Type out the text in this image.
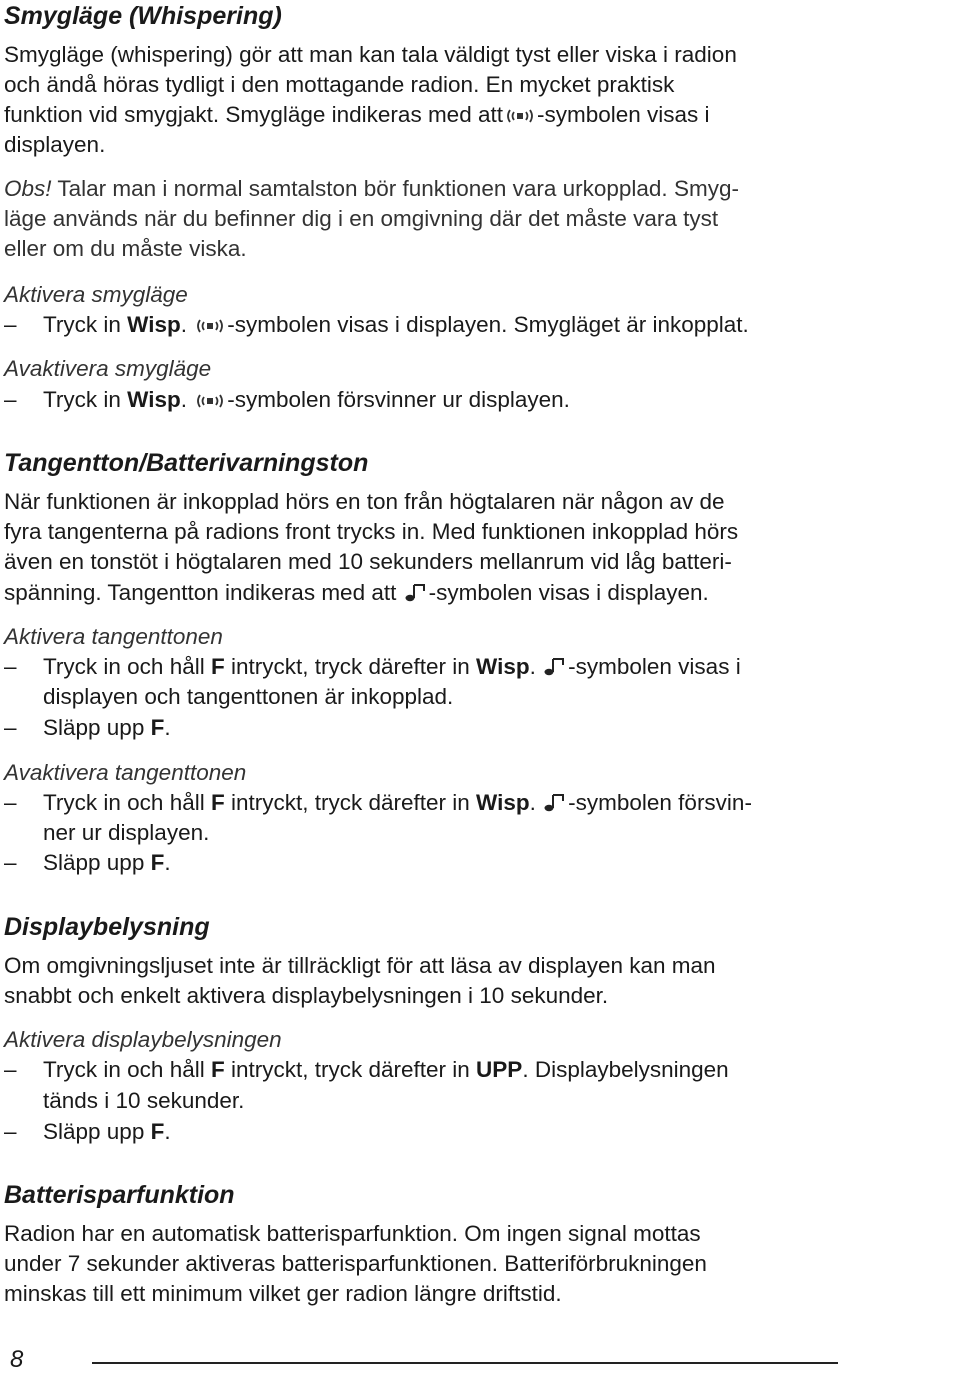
Smygläge (Whispering)
Smygläge (whispering) gör att man kan tala väldigt tyst eller viska i radion
och ändå höras tydligt i den mottagande radion. En mycket praktisk
funktion vid smygjakt. Smygläge indikeras med att -symbolen visas i
displayen.
Obs! Talar man i normal samtalston bör funktionen vara urkopplad. Smyg-
läge används när du befinner dig i en omgivning där det måste vara tyst
eller om du måste viska.
Aktivera smygläge
– Tryck in Wisp. -symbolen visas i displayen. Smygläget är inkopplat.
Avaktivera smygläge
– Tryck in Wisp. -symbolen försvinner ur displayen.
Tangentton/Batterivarningston
När funktionen är inkopplad hörs en ton från högtalaren när någon av de
fyra tangenterna på radions front trycks in. Med funktionen inkopplad hörs
även en tonstöt i högtalaren med 10 sekunders mellanrum vid låg batteri-
spänning. Tangentton indikeras med att -symbolen visas i displayen.
Aktivera tangenttonen
– Tryck in och håll F intryckt, tryck därefter in Wisp. -symbolen visas i
displayen och tangenttonen är inkopplad.
– Släpp upp F.
Avaktivera tangenttonen
– Tryck in och håll F intryckt, tryck därefter in Wisp. -symbolen försvin-
ner ur displayen.
– Släpp upp F.
Displaybelysning
Om omgivningsljuset inte är tillräckligt för att läsa av displayen kan man
snabbt och enkelt aktivera displaybelysningen i 10 sekunder.
Aktivera displaybelysningen
– Tryck in och håll F intryckt, tryck därefter in UPP. Displaybelysningen
tänds i 10 sekunder.
– Släpp upp F.
Batterisparfunktion
Radion har en automatisk batterisparfunktion. Om ingen signal mottas
under 7 sekunder aktiveras batterisparfunktionen. Batteriförbrukningen
minskas till ett minimum vilket ger radion längre driftstid.
8
